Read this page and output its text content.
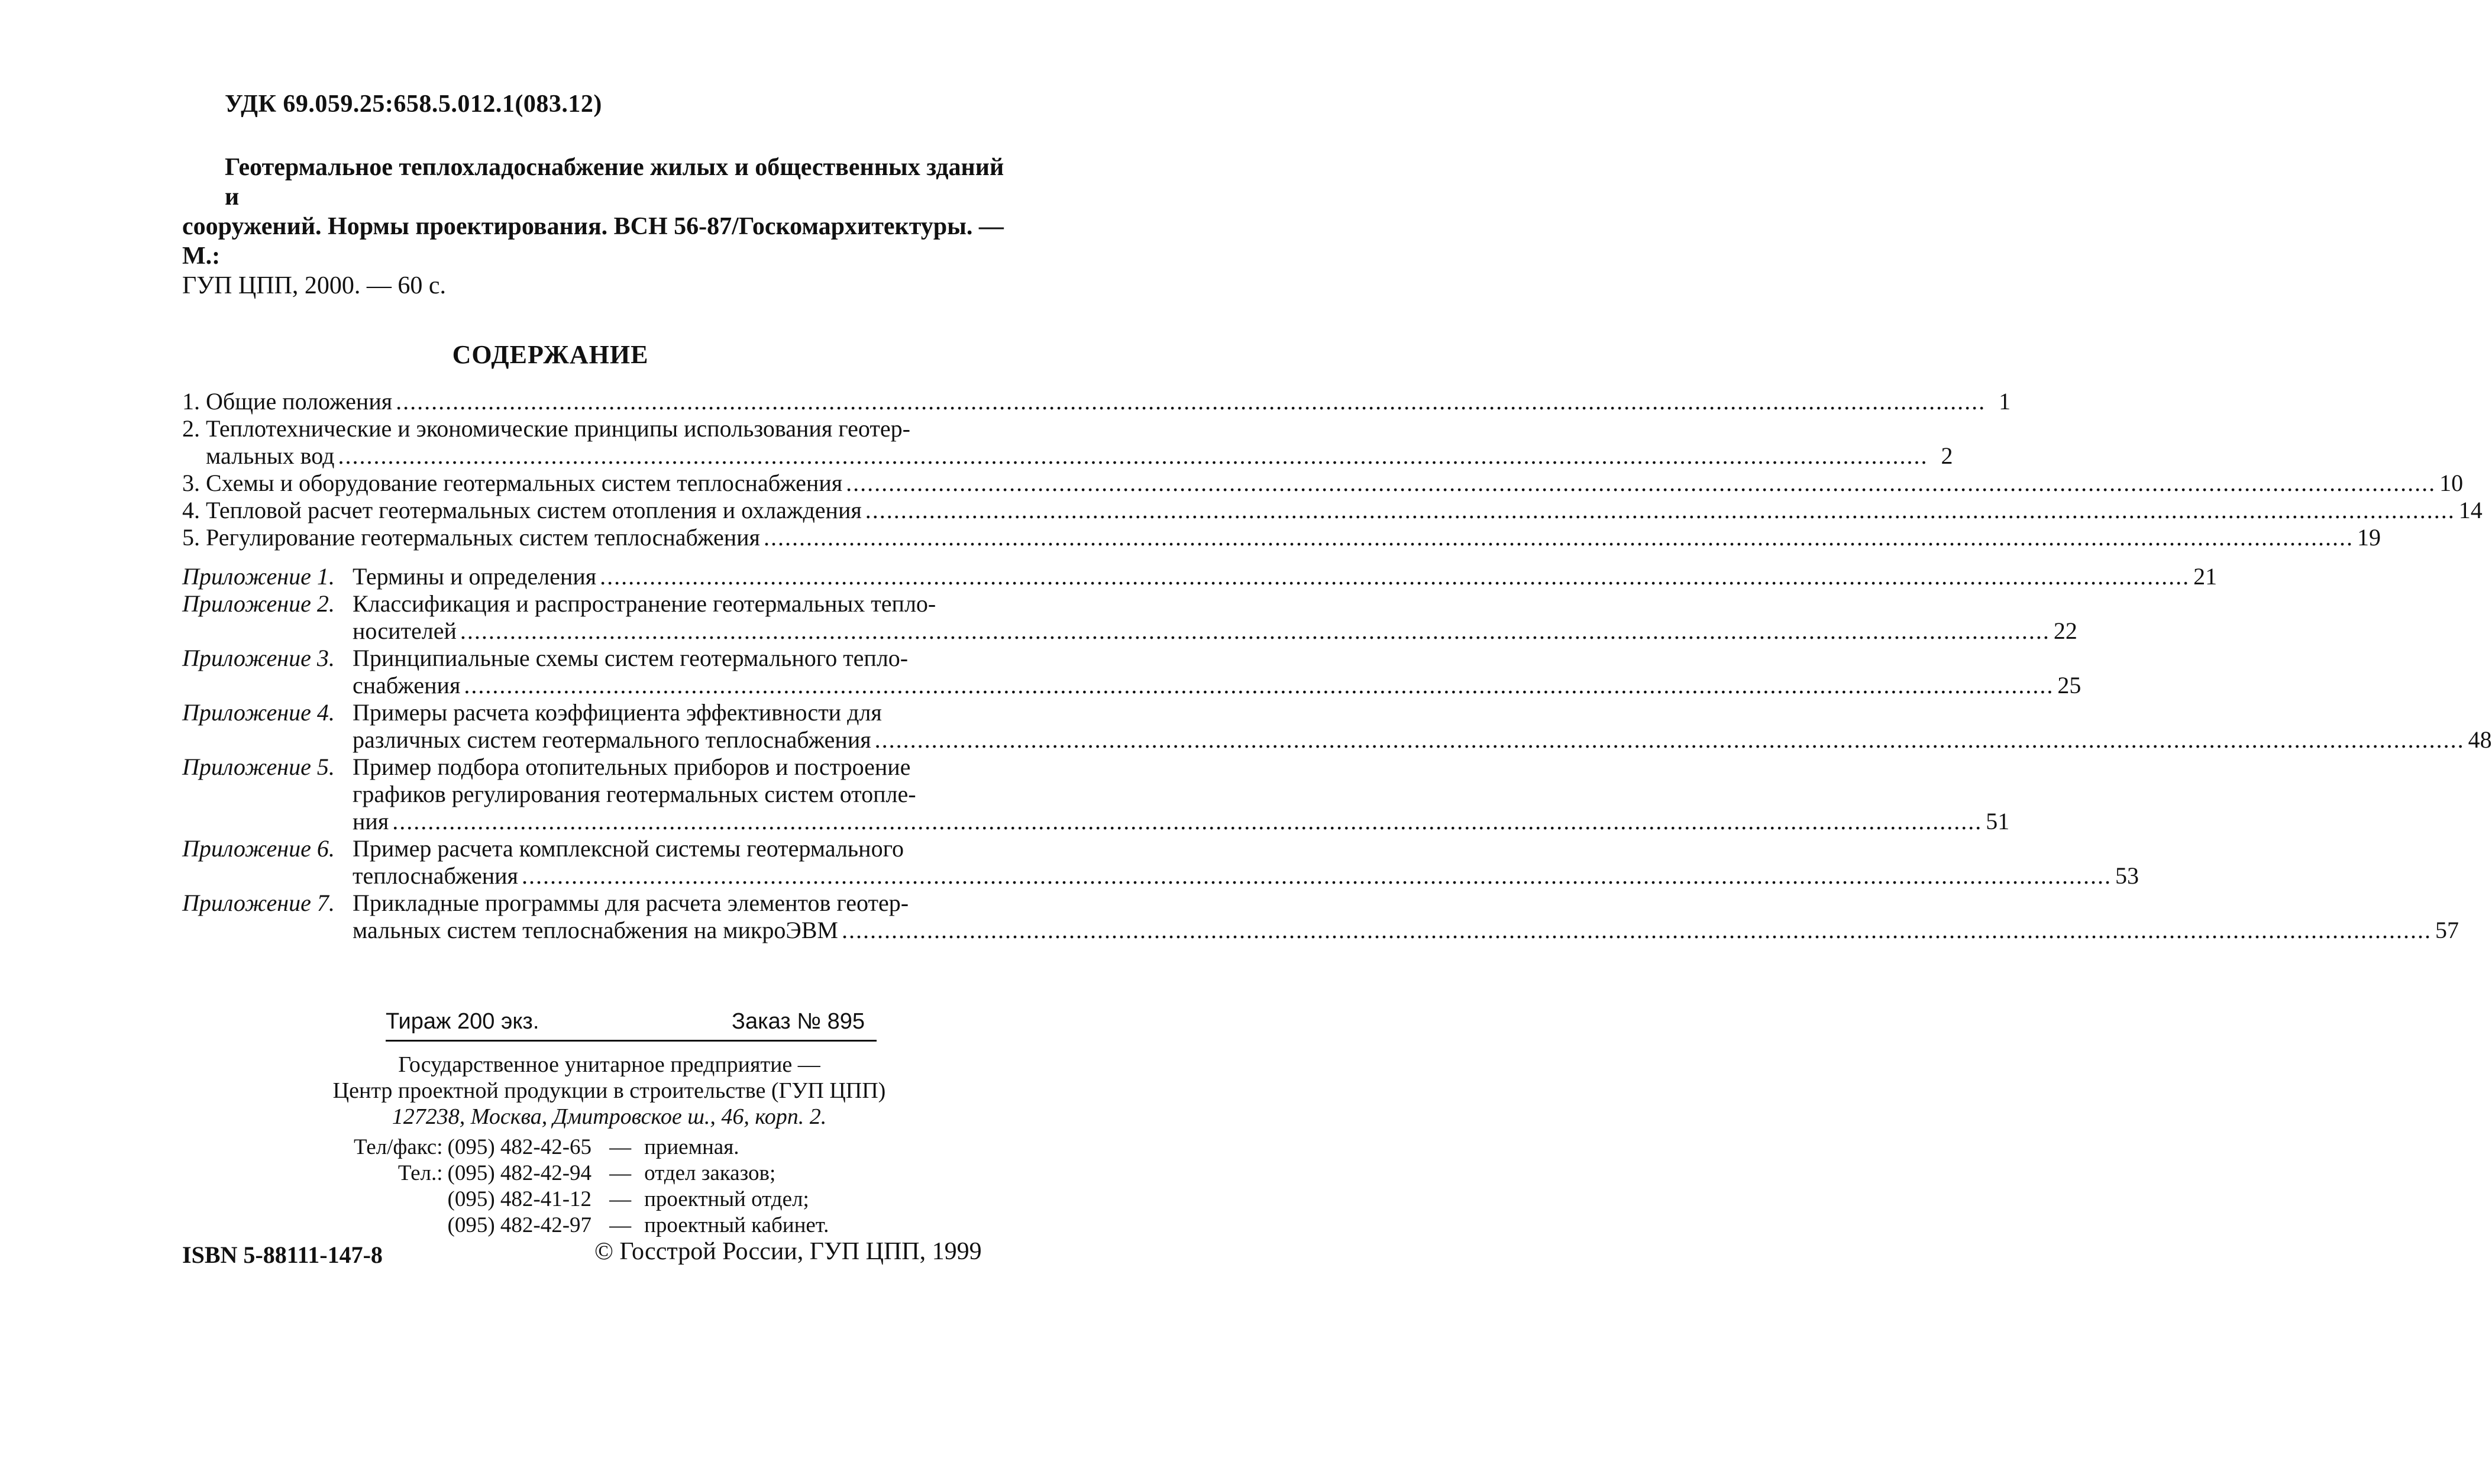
УДК 69.059.25:658.5.012.1(083.12)
Геотермальное теплохладоснабжение жилых и общественных зданий и
сооружений. Нормы проектирования. ВСН 56-87/Госкомархитектуры. — М.:
ГУП ЦПП, 2000. — 60 с.
СОДЕРЖАНИЕ
1. Общие положения .....	1
2. Теплотехнические и экономические принципы использования геотер-
мальных вод .....	2
3. Схемы и оборудование геотермальных систем теплоснабжения .....	10
4. Тепловой расчет геотермальных систем отопления и охлаждения .....	14
5. Регулирование геотермальных систем теплоснабжения .....	19
Приложение 1. Термины и определения .....	21
Приложение 2. Классификация и распространение геотермальных тепло-
носителей .....	22
Приложение 3. Принципиальные схемы систем геотермального тепло-
снабжения .....	25
Приложение 4. Примеры расчета коэффициента эффективности для
различных систем геотермального теплоснабжения .....	48
Приложение 5. Пример подбора отопительных приборов и построение
графиков регулирования геотермальных систем отопле-
ния .....	51
Приложение 6. Пример расчета комплексной системы геотермального
теплоснабжения .....	53
Приложение 7. Прикладные программы для расчета элементов геотер-
мальных систем теплоснабжения на микроЭВМ .....	57
Тираж 200 экз.	Заказ № 895
Государственное унитарное предприятие —
Центр проектной продукции в строительстве (ГУП ЦПП)
127238, Москва, Дмитровское ш., 46, корп. 2.
Тел/факс:	(095) 482-42-65	—	приемная.
Тел.:	(095) 482-42-94	—	отдел заказов;
	(095) 482-41-12	—	проектный отдел;
	(095) 482-42-97	—	проектный кабинет.
ISBN 5-88111-147-8	© Госстрой России, ГУП ЦПП, 1999
